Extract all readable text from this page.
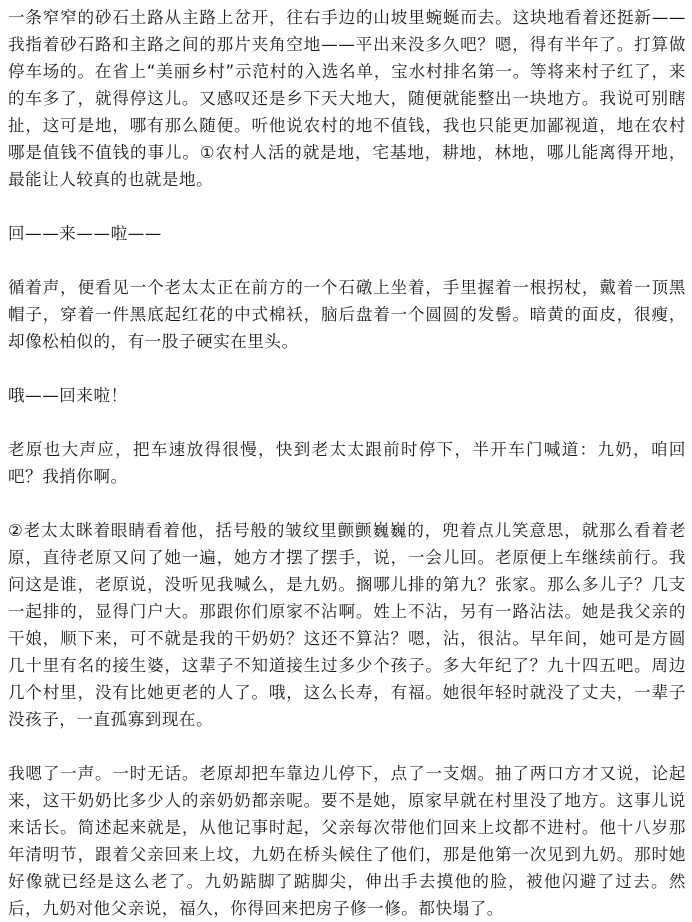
一条窄窄的砂石土路从主路上岔开，往右手边的山坡里蜿蜒而去。这块地看着还挺新——我指着砂石路和主路之间的那片夹角空地——平出来没多久吧？嗯，得有半年了。打算做停车场的。在省上“美丽乡村”示范村的入选名单，宝水村排名第一。等将来村子红了，来的车多了，就得停这儿。又感叹还是乡下天大地大，随便就能整出一块地方。我说可别瞎扯，这可是地，哪有那么随便。听他说农村的地不值钱，我也只能更加鄙视道，地在农村哪是值钱不值钱的事儿。①农村人活的就是地，宅基地，耕地，林地，哪儿能离得开地，最能让人较真的也就是地。

回——来——啦——

循着声，便看见一个老太太正在前方的一个石礅上坐着，手里握着一根拐杖，戴着一顶黑帽子，穿着一件黑底起红花的中式棉袄，脑后盘着一个圆圆的发髻。暗黄的面皮，很瘦，却像松柏似的，有一股子硬实在里头。

哦——回来啦！

老原也大声应，把车速放得很慢，快到老太太跟前时停下，半开车门喊道：九奶，咱回吧？我捎你啊。

②老太太眯着眼睛看着他，括号般的皱纹里颤颤巍巍的，兜着点儿笑意思，就那么看着老原，直待老原又问了她一遍，她方才摆了摆手，说，一会儿回。老原便上车继续前行。我问这是谁，老原说，没听见我喊么，是九奶。搁哪儿排的第九？张家。那么多儿子？几支一起排的，显得门户大。那跟你们原家不沾啊。姓上不沾，另有一路沾法。她是我父亲的干娘，顺下来，可不就是我的干奶奶？这还不算沾？嗯，沾，很沾。早年间，她可是方圆几十里有名的接生婆，这辈子不知道接生过多少个孩子。多大年纪了？九十四五吧。周边几个村里，没有比她更老的人了。哦，这么长寿，有福。她很年轻时就没了丈夫，一辈子没孩子，一直孤寡到现在。

我嗯了一声。一时无话。老原却把车靠边儿停下，点了一支烟。抽了两口方才又说，论起来，这干奶奶比多少人的亲奶奶都亲呢。要不是她，原家早就在村里没了地方。这事儿说来话长。简述起来就是，从他记事时起，父亲每次带他们回来上坟都不进村。他十八岁那年清明节，跟着父亲回来上坟，九奶在桥头候住了他们，那是他第一次见到九奶。那时她好像就已经是这么老了。九奶踮脚了踮脚尖，伸出手去摸他的脸，被他闪避了过去。然后，九奶对他父亲说，福久，你得回来把房子修一修。都快塌了。
